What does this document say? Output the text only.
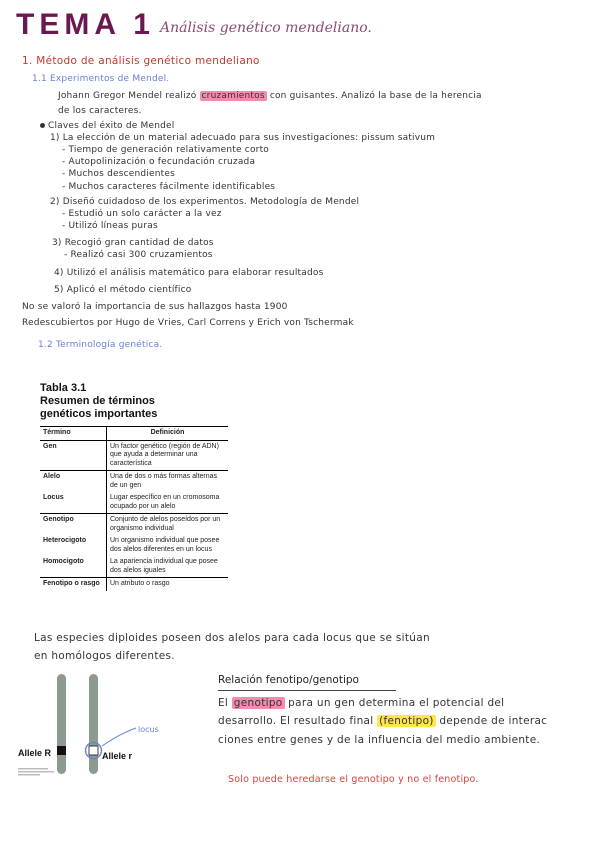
TEMA 1 Análisis genético mendeliano.
1. Método de análisis genético mendeliano
1.1 Experimentos de Mendel.
Johann Gregor Mendel realizó cruzamientos con guisantes. Analizó la base de la herencia
de los caracteres.
Claves del éxito de Mendel
1) La elección de un material adecuado para sus investigaciones: pissum sativum
- Tiempo de generación relativamente corto
- Autopolinización o fecundación cruzada
- Muchos descendientes
- Muchos caracteres fácilmente identificables
2) Diseñó cuidadoso de los experimentos. Metodología de Mendel
- Estudió un solo carácter a la vez
- Utilizó líneas puras
3) Recogió gran cantidad de datos
- Realizó casi 300 cruzamientos
4) Utilizó el análisis matemático para elaborar resultados
5) Aplicó el método científico
No se valoró la importancia de sus hallazgos hasta 1900
Redescubiertos por Hugo de Vries, Carl Correns y Erich von Tschermak
1.2 Terminología genética.
Tabla 3.1
Resumen de términos
genéticos importantes
Término	Definición
Gen	Un factor genético (región de ADN) que ayuda a determinar una característica
Alelo	Una de dos o más formas alternas de un gen
Locus	Lugar específico en un cromosoma ocupado por un alelo
Genotipo	Conjunto de alelos poseídos por un organismo individual
Heterocigoto	Un organismo individual que posee dos alelos diferentes en un locus
Homocigoto	La apariencia individual que posee dos alelos iguales
Fenotipo o rasgo	Un atributo o rasgo
Las especies diploides poseen dos alelos para cada locus que se sitúan
en homólogos diferentes.
Allele R	Allele r
locus
Relación fenotipo/genotipo
El genotipo para un gen determina el potencial del
desarrollo. El resultado final (fenotipo) depende de interac
ciones entre genes y de la influencia del medio ambiente.
Solo puede heredarse el genotipo y no el fenotipo.
